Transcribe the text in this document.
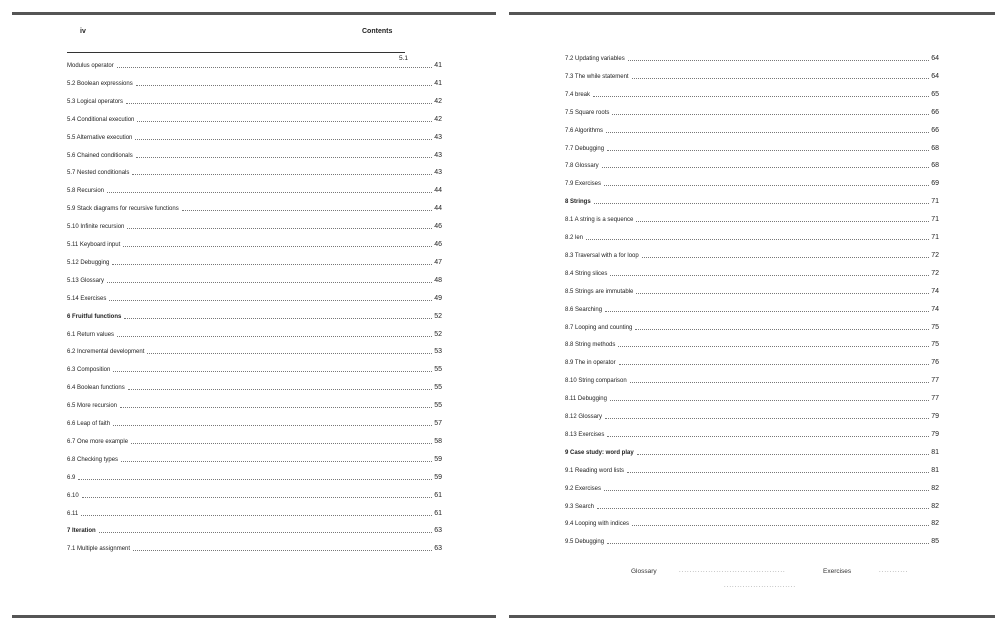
iv	Contents
5.1
Modulus operator	41
5.2 Boolean expressions	41
5.3 Logical operators	42
5.4 Conditional execution	42
5.5 Alternative execution	43
5.6 Chained conditionals	43
5.7 Nested conditionals	43
5.8 Recursion	44
5.9 Stack diagrams for recursive functions	44
5.10 Infinite recursion	46
5.11 Keyboard input	46
5.12 Debugging	47
5.13 Glossary	48
5.14 Exercises	49
6 Fruitful functions	52
6.1 Return values	52
6.2 Incremental development	53
6.3 Composition	55
6.4 Boolean functions	55
6.5 More recursion	55
6.6 Leap of faith	57
6.7 One more example	58
6.8 Checking types	59
6.9	59
6.10	61
6.11	61
7 Iteration	63
7.1 Multiple assignment	63
7.2 Updating variables	64
7.3 The while statement	64
7.4 break	65
7.5 Square roots	66
7.6 Algorithms	66
7.7 Debugging	68
7.8 Glossary	68
7.9 Exercises	69
8 Strings	71
8.1 A string is a sequence	71
8.2 len	71
8.3 Traversal with a for loop	72
8.4 String slices	72
8.5 Strings are immutable	74
8.6 Searching	74
8.7 Looping and counting	75
8.8 String methods	75
8.9 The in operator	76
8.10 String comparison	77
8.11 Debugging	77
8.12 Glossary	79
8.13 Exercises	79
9 Case study: word play	81
9.1 Reading word lists	81
9.2 Exercises	82
9.3 Search	82
9.4 Looping with indices	82
9.5 Debugging	85
Glossary	........................................	Exercises	...........
...........................
